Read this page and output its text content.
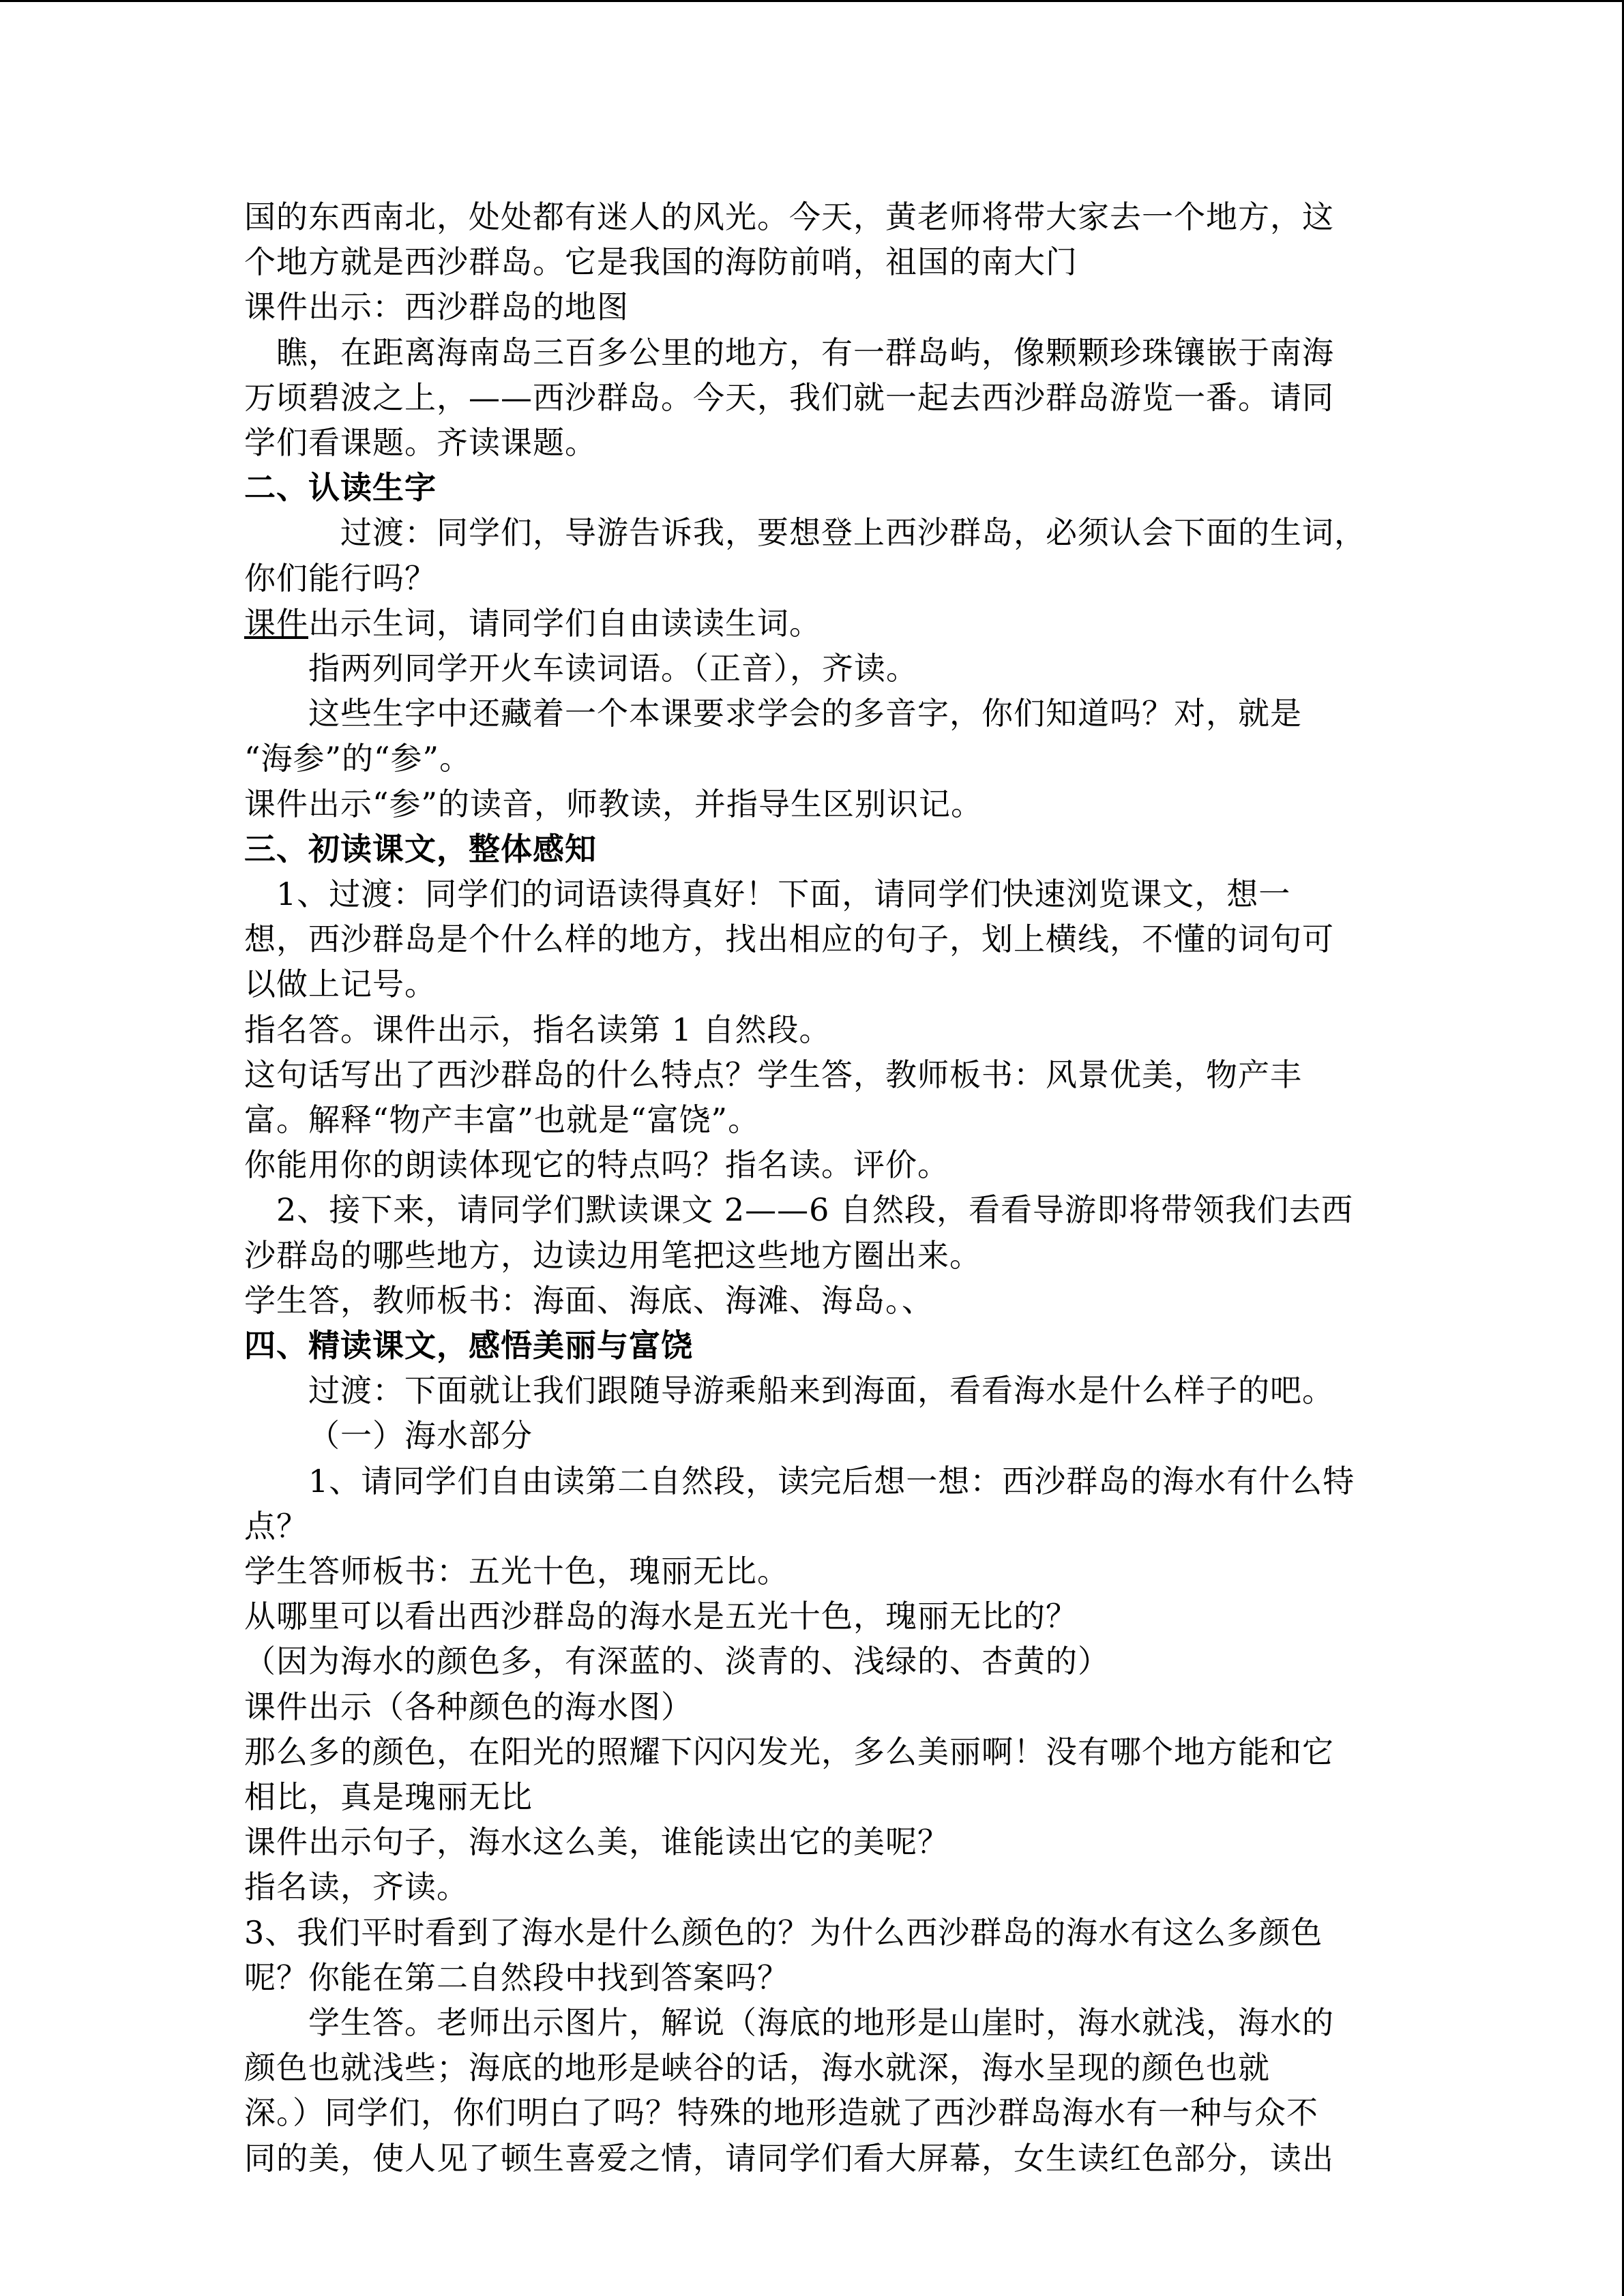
国的东西南北，处处都有迷人的风光。今天，黄老师将带大家去一个地方，这
个地方就是西沙群岛。它是我国的海防前哨，祖国的南大门
课件出示：西沙群岛的地图
瞧，在距离海南岛三百多公里的地方，有一群岛屿，像颗颗珍珠镶嵌于南海
万顷碧波之上，——西沙群岛。今天，我们就一起去西沙群岛游览一番。请同
学们看课题。齐读课题。
二、认读生字
过渡：同学们，导游告诉我，要想登上西沙群岛，必须认会下面的生词，
你们能行吗？
课件出示生词，请同学们自由读读生词。
指两列同学开火车读词语。（正音），齐读。
这些生字中还藏着一个本课要求学会的多音字，你们知道吗？对，就是
“海参”的“参”。
课件出示“参”的读音，师教读，并指导生区别识记。
三、初读课文，整体感知
1、过渡：同学们的词语读得真好！下面，请同学们快速浏览课文，想一
想，西沙群岛是个什么样的地方，找出相应的句子，划上横线，不懂的词句可
以做上记号。
指名答。课件出示，指名读第 1 自然段。
这句话写出了西沙群岛的什么特点？学生答，教师板书：风景优美，物产丰
富。解释“物产丰富”也就是“富饶”。
你能用你的朗读体现它的特点吗？指名读。评价。
2、接下来，请同学们默读课文 2——6 自然段，看看导游即将带领我们去西
沙群岛的哪些地方，边读边用笔把这些地方圈出来。
学生答，教师板书：海面、海底、海滩、海岛。、
四、精读课文，感悟美丽与富饶
过渡：下面就让我们跟随导游乘船来到海面，看看海水是什么样子的吧。
（一）海水部分
1、请同学们自由读第二自然段，读完后想一想：西沙群岛的海水有什么特
点？
学生答师板书：五光十色，瑰丽无比。
从哪里可以看出西沙群岛的海水是五光十色，瑰丽无比的？
（因为海水的颜色多，有深蓝的、淡青的、浅绿的、杏黄的）
课件出示（各种颜色的海水图）
那么多的颜色，在阳光的照耀下闪闪发光，多么美丽啊！没有哪个地方能和它
相比，真是瑰丽无比
课件出示句子，海水这么美，谁能读出它的美呢？
指名读，齐读。
3、我们平时看到了海水是什么颜色的？为什么西沙群岛的海水有这么多颜色
呢？你能在第二自然段中找到答案吗？
学生答。老师出示图片，解说（海底的地形是山崖时，海水就浅，海水的
颜色也就浅些；海底的地形是峡谷的话，海水就深，海水呈现的颜色也就
深。）同学们，你们明白了吗？特殊的地形造就了西沙群岛海水有一种与众不
同的美，使人见了顿生喜爱之情，请同学们看大屏幕，女生读红色部分，读出
